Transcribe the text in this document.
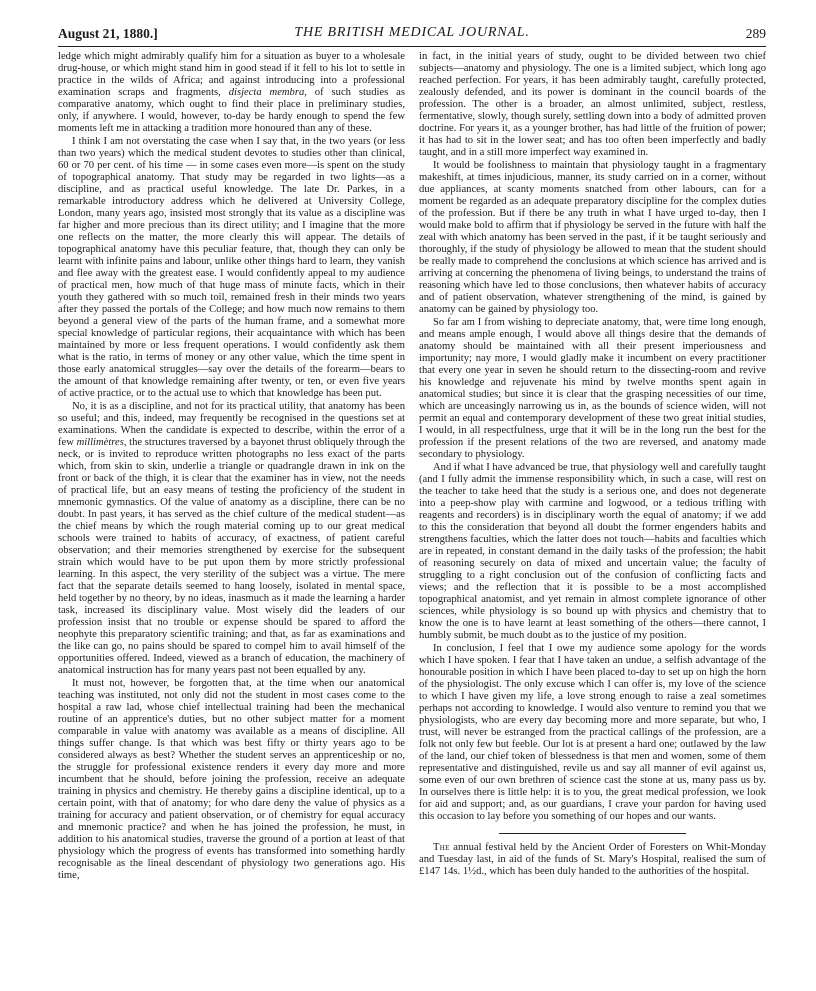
August 21, 1880.]	THE BRITISH MEDICAL JOURNAL.	289

ledge which might admirably qualify him for a situation as buyer to a wholesale drug-house, or which might stand him in good stead if it fell to his lot to settle in practice in the wilds of Africa; and against introducing into a professional examination scraps and fragments, disjecta membra, of such studies as comparative anatomy, which ought to find their place in preliminary studies, only, if anywhere. I would, however, to-day be hardy enough to spend the few moments left me in attacking a tradition more honoured than any of these.

I think I am not overstating the case when I say that, in the two years (or less than two years) which the medical student devotes to studies other than clinical, 60 or 70 per cent. of his time — in some cases even more—is spent on the study of topographical anatomy. That study may be regarded in two lights—as a discipline, and as practical useful knowledge. The late Dr. Parkes, in a remarkable introductory address which he delivered at University College, London, many years ago, insisted most strongly that its value as a discipline was far higher and more precious than its direct utility; and I imagine that the more one reflects on the matter, the more clearly this will appear. The details of topographical anatomy have this peculiar feature, that, though they can only be learnt with infinite pains and labour, unlike other things hard to learn, they vanish and flee away with the greatest ease. I would confidently appeal to my audience of practical men, how much of that huge mass of minute facts, which in their youth they gathered with so much toil, remained fresh in their minds two years after they passed the portals of the College; and how much now remains to them beyond a general view of the parts of the human frame, and a somewhat more special knowledge of particular regions, their acquaintance with which has been maintained by more or less frequent operations. I would confidently ask them what is the ratio, in terms of money or any other value, which the time spent in those early anatomical struggles—say over the details of the forearm—bears to the amount of that knowledge remaining after twenty, or ten, or even five years of active practice, or to the actual use to which that knowledge has been put.

No, it is as a discipline, and not for its practical utility, that anatomy has been so useful; and this, indeed, may frequently be recognised in the questions set at examinations. When the candidate is expected to describe, within the error of a few millimètres, the structures traversed by a bayonet thrust obliquely through the neck, or is invited to reproduce written photographs no less exact of the parts which, from skin to skin, underlie a triangle or quadrangle drawn in ink on the front or back of the thigh, it is clear that the examiner has in view, not the needs of practical life, but an easy means of testing the proficiency of the student in mnemonic gymnastics. Of the value of anatomy as a discipline, there can be no doubt. In past years, it has served as the chief culture of the medical student—as the chief means by which the rough material coming up to our great medical schools were trained to habits of accuracy, of exactness, of patient careful observation; and their memories strengthened by exercise for the subsequent strain which would have to be put upon them by more strictly professional learning. In this aspect, the very sterility of the subject was a virtue. The mere fact that the separate details seemed to hang loosely, isolated in mental space, held together by no theory, by no ideas, inasmuch as it made the learning a harder task, increased its disciplinary value. Most wisely did the leaders of our profession insist that no trouble or expense should be spared to afford the neophyte this preparatory scientific training; and that, as far as examinations and the like can go, no pains should be spared to compel him to avail himself of the opportunities offered. Indeed, viewed as a branch of education, the machinery of anatomical instruction has for many years past not been equalled by any.

It must not, however, be forgotten that, at the time when our anatomical teaching was instituted, not only did not the student in most cases come to the hospital a raw lad, whose chief intellectual training had been the mechanical routine of an apprentice's duties, but no other subject matter for a moment comparable in value with anatomy was available as a means of discipline. All things suffer change. Is that which was best fifty or thirty years ago to be considered always as best? Whether the student serves an apprenticeship or no, the struggle for professional existence renders it every day more and more incumbent that he should, before joining the profession, receive an adequate training in physics and chemistry. He thereby gains a discipline identical, up to a certain point, with that of anatomy; for who dare deny the value of physics as a training for accuracy and patient observation, or of chemistry for equal accuracy and mnemonic practice? and when he has joined the profession, he must, in addition to his anatomical studies, traverse the ground of a portion at least of that physiology which the progress of events has transformed into something hardly recognisable as the lineal descendant of physiology two generations ago. His time,

in fact, in the initial years of study, ought to be divided between two chief subjects—anatomy and physiology. The one is a limited subject, which long ago reached perfection. For years, it has been admirably taught, carefully protected, zealously defended, and its power is dominant in the council boards of the profession. The other is a broader, an almost unlimited, subject, restless, fermentative, slowly, though surely, settling down into a body of admitted proven doctrine. For years it, as a younger brother, has had little of the fruition of power; it has had to sit in the lower seat; and has too often been imperfectly and badly taught, and in a still more imperfect way examined in.

It would be foolishness to maintain that physiology taught in a fragmentary makeshift, at times injudicious, manner, its study carried on in a corner, without due appliances, at scanty moments snatched from other labours, can for a moment be regarded as an adequate preparatory discipline for the complex duties of the profession. But if there be any truth in what I have urged to-day, then I would make bold to affirm that if physiology be served in the future with half the zeal with which anatomy has been served in the past, if it be taught seriously and thoroughly, if the study of physiology be allowed to mean that the student should be really made to comprehend the conclusions at which science has arrived and is arriving at concerning the phenomena of living beings, to understand the trains of reasoning which have led to those conclusions, then whatever habits of accuracy and of patient observation, whatever strengthening of the mind, is gained by anatomy can be gained by physiology too.

So far am I from wishing to depreciate anatomy, that, were time long enough, and means ample enough, I would above all things desire that the demands of anatomy should be maintained with all their present imperiousness and importunity; nay more, I would gladly make it incumbent on every practitioner that every one year in seven he should return to the dissecting-room and revive his knowledge and rejuvenate his mind by twelve months spent again in anatomical studies; but since it is clear that the grasping necessities of our time, which are unceasingly narrowing us in, as the bounds of science widen, will not permit an equal and contemporary development of these two great initial studies, I would, in all respectfulness, urge that it will be in the long run the best for the profession if the present relations of the two are reversed, and anatomy made secondary to physiology.

And if what I have advanced be true, that physiology well and carefully taught (and I fully admit the immense responsibility which, in such a case, will rest on the teacher to take heed that the study is a serious one, and does not degenerate into a peep-show play with carmine and logwood, or a tedious trifling with reagents and recorders) is in disciplinary worth the equal of anatomy; if we add to this the consideration that beyond all doubt the former engenders habits and strengthens faculties, which the latter does not touch—habits and faculties which are in repeated, in constant demand in the daily tasks of the profession; the habit of reasoning securely on data of mixed and uncertain value; the faculty of struggling to a right conclusion out of the confusion of conflicting facts and views; and the reflection that it is possible to be a most accomplished topographical anatomist, and yet remain in almost complete ignorance of other sciences, while physiology is so bound up with physics and chemistry that to know the one is to have learnt at least something of the others—there cannot, I humbly submit, be much doubt as to the justice of my position.

In conclusion, I feel that I owe my audience some apology for the words which I have spoken. I fear that I have taken an undue, a selfish advantage of the honourable position in which I have been placed to-day to set up on high the horn of the physiologist. The only excuse which I can offer is, my love of the science to which I have given my life, a love strong enough to raise a zeal sometimes perhaps not according to knowledge. I would also venture to remind you that we physiologists, who are every day becoming more and more separate, but who, I trust, will never be estranged from the practical callings of the profession, are a folk not only few but feeble. Our lot is at present a hard one; outlawed by the law of the land, our chief token of blessedness is that men and women, some of them representative and distinguished, revile us and say all manner of evil against us, some even of our own brethren of science cast the stone at us, many pass us by. In ourselves there is little help: it is to you, the great medical profession, we look for aid and support; and, as our guardians, I crave your pardon for having used this occasion to lay before you something of our hopes and our wants.

The annual festival held by the Ancient Order of Foresters on Whit-Monday and Tuesday last, in aid of the funds of St. Mary's Hospital, realised the sum of £147 14s. 1½d., which has been duly handed to the authorities of the hospital.
